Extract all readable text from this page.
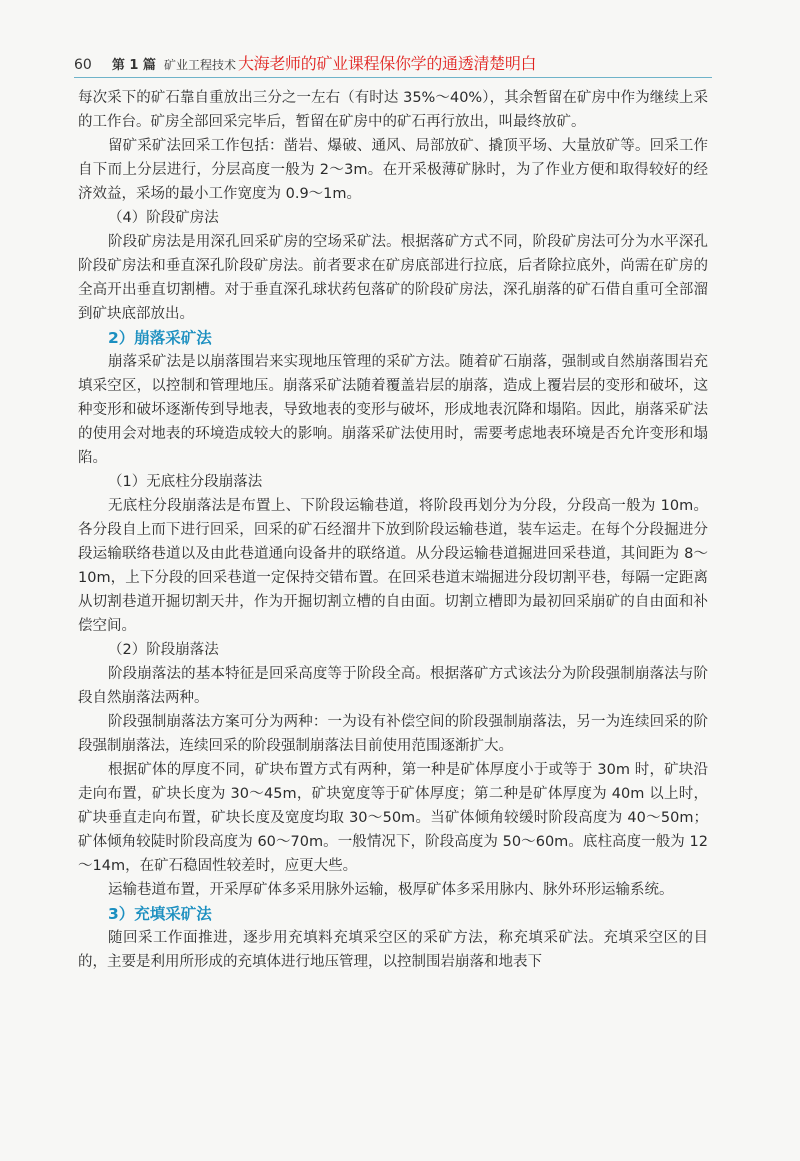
60 第 1 篇 矿业工程技术 大海老师的矿业课程保你学的通透清楚明白

每次采下的矿石靠自重放出三分之一左右（有时达 35%～40%），其余暂留在矿房中作为继续上采的工作台。矿房全部回采完毕后，暂留在矿房中的矿石再行放出，叫最终放矿。

留矿采矿法回采工作包括：凿岩、爆破、通风、局部放矿、撬顶平场、大量放矿等。回采工作自下而上分层进行，分层高度一般为 2～3m。在开采极薄矿脉时，为了作业方便和取得较好的经济效益，采场的最小工作宽度为 0.9～1m。

（4）阶段矿房法

阶段矿房法是用深孔回采矿房的空场采矿法。根据落矿方式不同，阶段矿房法可分为水平深孔阶段矿房法和垂直深孔阶段矿房法。前者要求在矿房底部进行拉底，后者除拉底外，尚需在矿房的全高开出垂直切割槽。对于垂直深孔球状药包落矿的阶段矿房法，深孔崩落的矿石借自重可全部溜到矿块底部放出。

2）崩落采矿法

崩落采矿法是以崩落围岩来实现地压管理的采矿方法。随着矿石崩落，强制或自然崩落围岩充填采空区，以控制和管理地压。崩落采矿法随着覆盖岩层的崩落，造成上覆岩层的变形和破坏，这种变形和破坏逐渐传到导地表，导致地表的变形与破坏，形成地表沉降和塌陷。因此，崩落采矿法的使用会对地表的环境造成较大的影响。崩落采矿法使用时，需要考虑地表环境是否允许变形和塌陷。

（1）无底柱分段崩落法

无底柱分段崩落法是布置上、下阶段运输巷道，将阶段再划分为分段，分段高一般为 10m。各分段自上而下进行回采，回采的矿石经溜井下放到阶段运输巷道，装车运走。在每个分段掘进分段运输联络巷道以及由此巷道通向设备井的联络道。从分段运输巷道掘进回采巷道，其间距为 8～10m，上下分段的回采巷道一定保持交错布置。在回采巷道末端掘进分段切割平巷，每隔一定距离从切割巷道开掘切割天井，作为开掘切割立槽的自由面。切割立槽即为最初回采崩矿的自由面和补偿空间。

（2）阶段崩落法

阶段崩落法的基本特征是回采高度等于阶段全高。根据落矿方式该法分为阶段强制崩落法与阶段自然崩落法两种。

阶段强制崩落法方案可分为两种：一为设有补偿空间的阶段强制崩落法，另一为连续回采的阶段强制崩落法，连续回采的阶段强制崩落法目前使用范围逐渐扩大。

根据矿体的厚度不同，矿块布置方式有两种，第一种是矿体厚度小于或等于 30m 时，矿块沿走向布置，矿块长度为 30～45m，矿块宽度等于矿体厚度；第二种是矿体厚度为 40m 以上时，矿块垂直走向布置，矿块长度及宽度均取 30～50m。当矿体倾角较缓时阶段高度为 40～50m；矿体倾角较陡时阶段高度为 60～70m。一般情况下，阶段高度为 50～60m。底柱高度一般为 12～14m，在矿石稳固性较差时，应更大些。

运输巷道布置，开采厚矿体多采用脉外运输，极厚矿体多采用脉内、脉外环形运输系统。

3）充填采矿法

随回采工作面推进，逐步用充填料充填采空区的采矿方法，称充填采矿法。充填采空区的目的，主要是利用所形成的充填体进行地压管理，以控制围岩崩落和地表下
